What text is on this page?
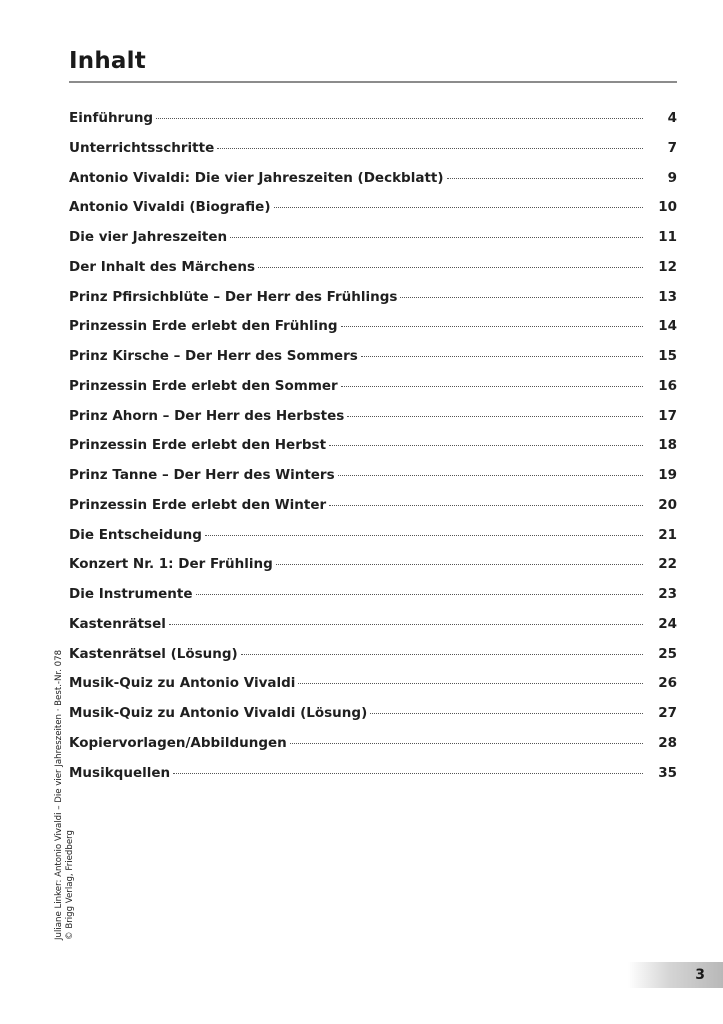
Inhalt
Einführung	4
Unterrichtsschritte	7
Antonio Vivaldi: Die vier Jahreszeiten (Deckblatt)	9
Antonio Vivaldi (Biografie)	10
Die vier Jahreszeiten	11
Der Inhalt des Märchens	12
Prinz Pfirsichblüte – Der Herr des Frühlings	13
Prinzessin Erde erlebt den Frühling	14
Prinz Kirsche – Der Herr des Sommers	15
Prinzessin Erde erlebt den Sommer	16
Prinz Ahorn – Der Herr des Herbstes	17
Prinzessin Erde erlebt den Herbst	18
Prinz Tanne – Der Herr des Winters	19
Prinzessin Erde erlebt den Winter	20
Die Entscheidung	21
Konzert Nr. 1: Der Frühling	22
Die Instrumente	23
Kastenrätsel	24
Kastenrätsel (Lösung)	25
Musik-Quiz zu Antonio Vivaldi	26
Musik-Quiz zu Antonio Vivaldi (Lösung)	27
Kopiervorlagen/Abbildungen	28
Musikquellen	35
Juliane Linker: Antonio Vivaldi – Die vier Jahreszeiten · Best.-Nr. 078 © Brigg Verlag, Friedberg
3
